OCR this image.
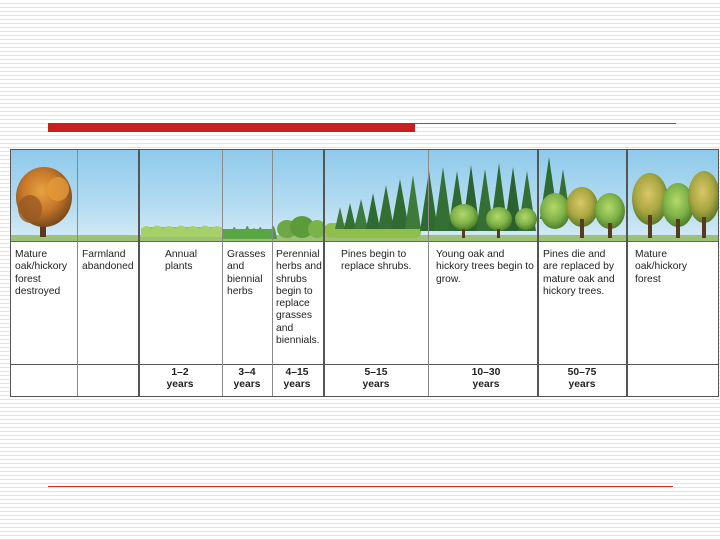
Mature oak/hickory forest destroyed
Farmland abandoned
Annual plants
Grasses and biennial herbs
Perennial herbs and shrubs begin to replace grasses and biennials.
Pines begin to replace shrubs.
Young oak and hickory trees begin to grow.
Pines die and are replaced by mature oak and hickory trees.
Mature oak/hickory forest
1–2 years
3–4 years
4–15 years
5–15 years
10–30 years
50–75 years
